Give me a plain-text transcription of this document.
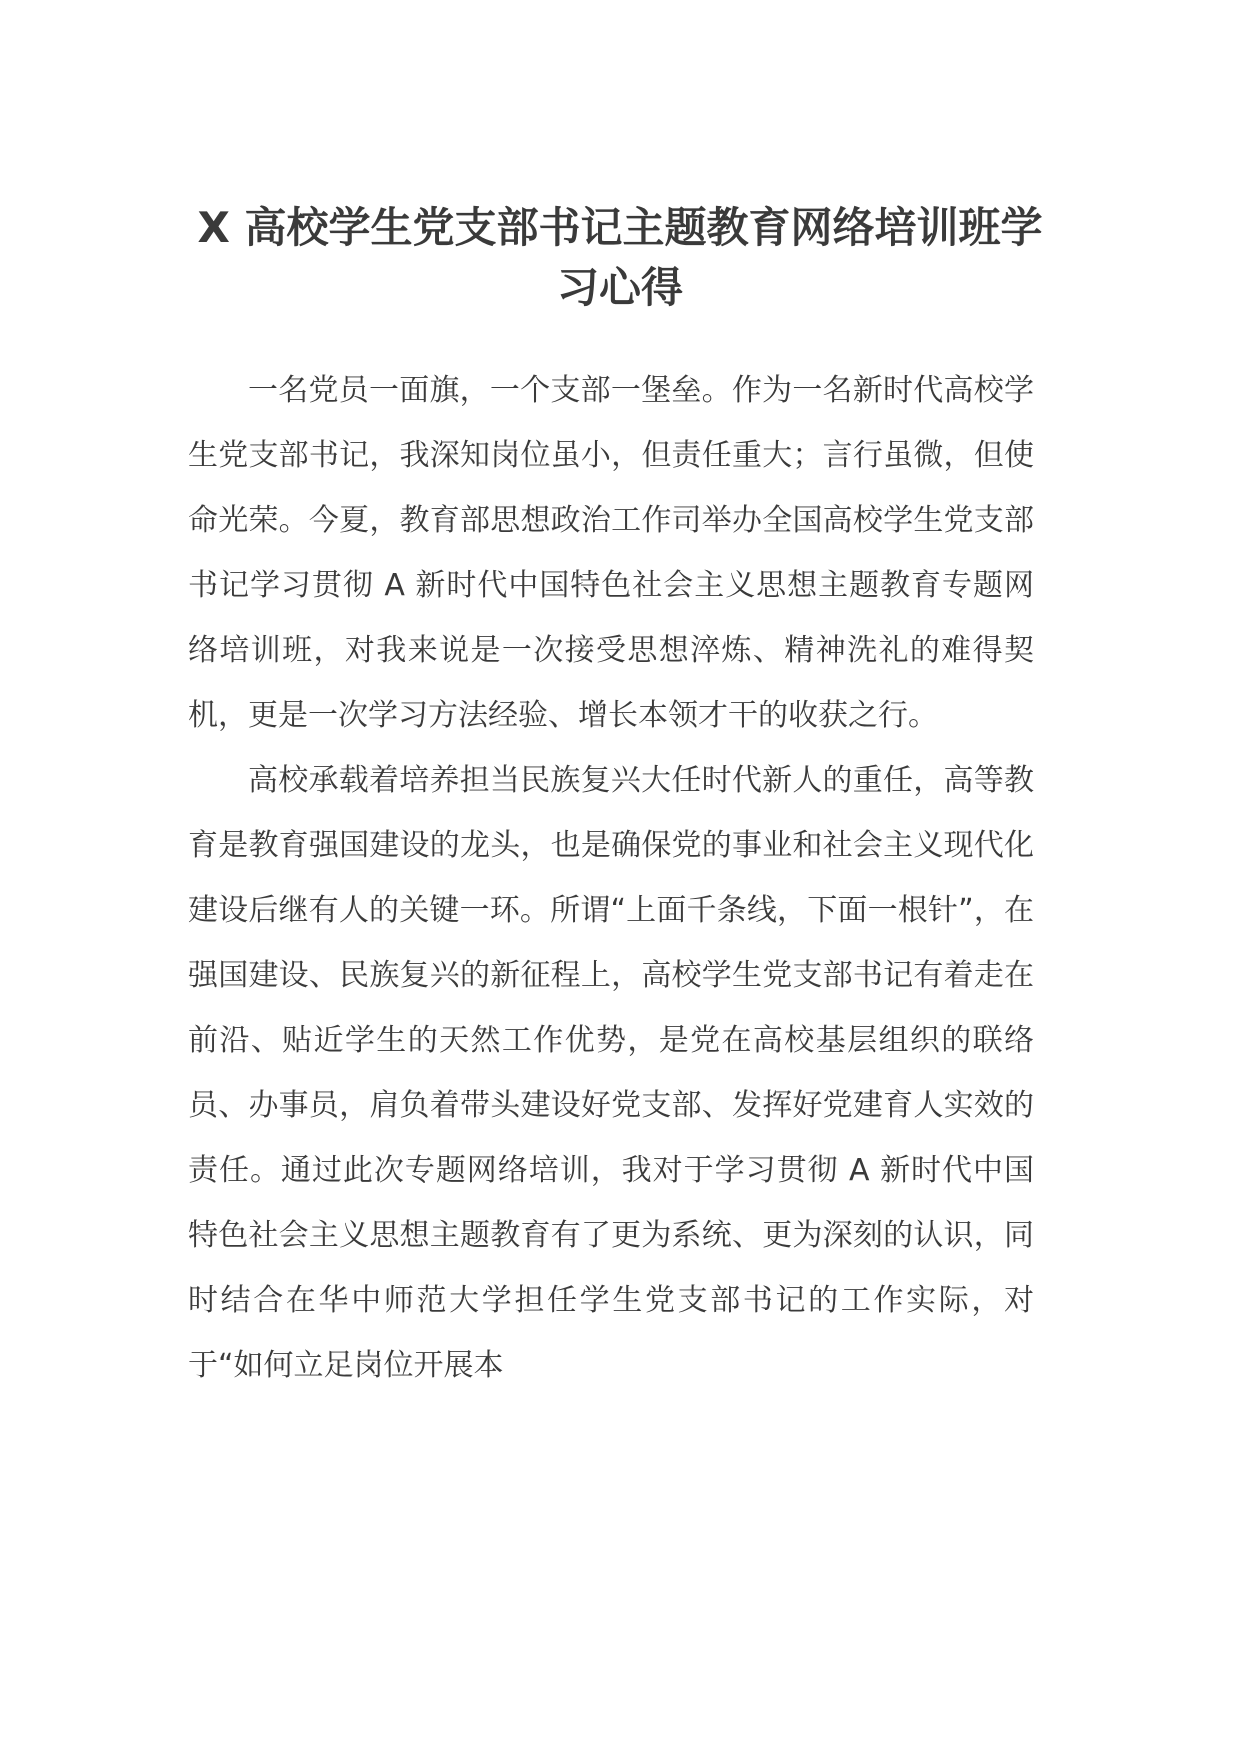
X 高校学生党支部书记主题教育网络培训班学习心得

一名党员一面旗，一个支部一堡垒。作为一名新时代高校学生党支部书记，我深知岗位虽小，但责任重大；言行虽微，但使命光荣。今夏，教育部思想政治工作司举办全国高校学生党支部书记学习贯彻 A 新时代中国特色社会主义思想主题教育专题网络培训班，对我来说是一次接受思想淬炼、精神洗礼的难得契机，更是一次学习方法经验、增长本领才干的收获之行。

高校承载着培养担当民族复兴大任时代新人的重任，高等教育是教育强国建设的龙头，也是确保党的事业和社会主义现代化建设后继有人的关键一环。所谓“上面千条线，下面一根针”，在强国建设、民族复兴的新征程上，高校学生党支部书记有着走在前沿、贴近学生的天然工作优势，是党在高校基层组织的联络员、办事员，肩负着带头建设好党支部、发挥好党建育人实效的责任。通过此次专题网络培训，我对于学习贯彻 A 新时代中国特色社会主义思想主题教育有了更为系统、更为深刻的认识，同时结合在华中师范大学担任学生党支部书记的工作实际，对于“如何立足岗位开展本
